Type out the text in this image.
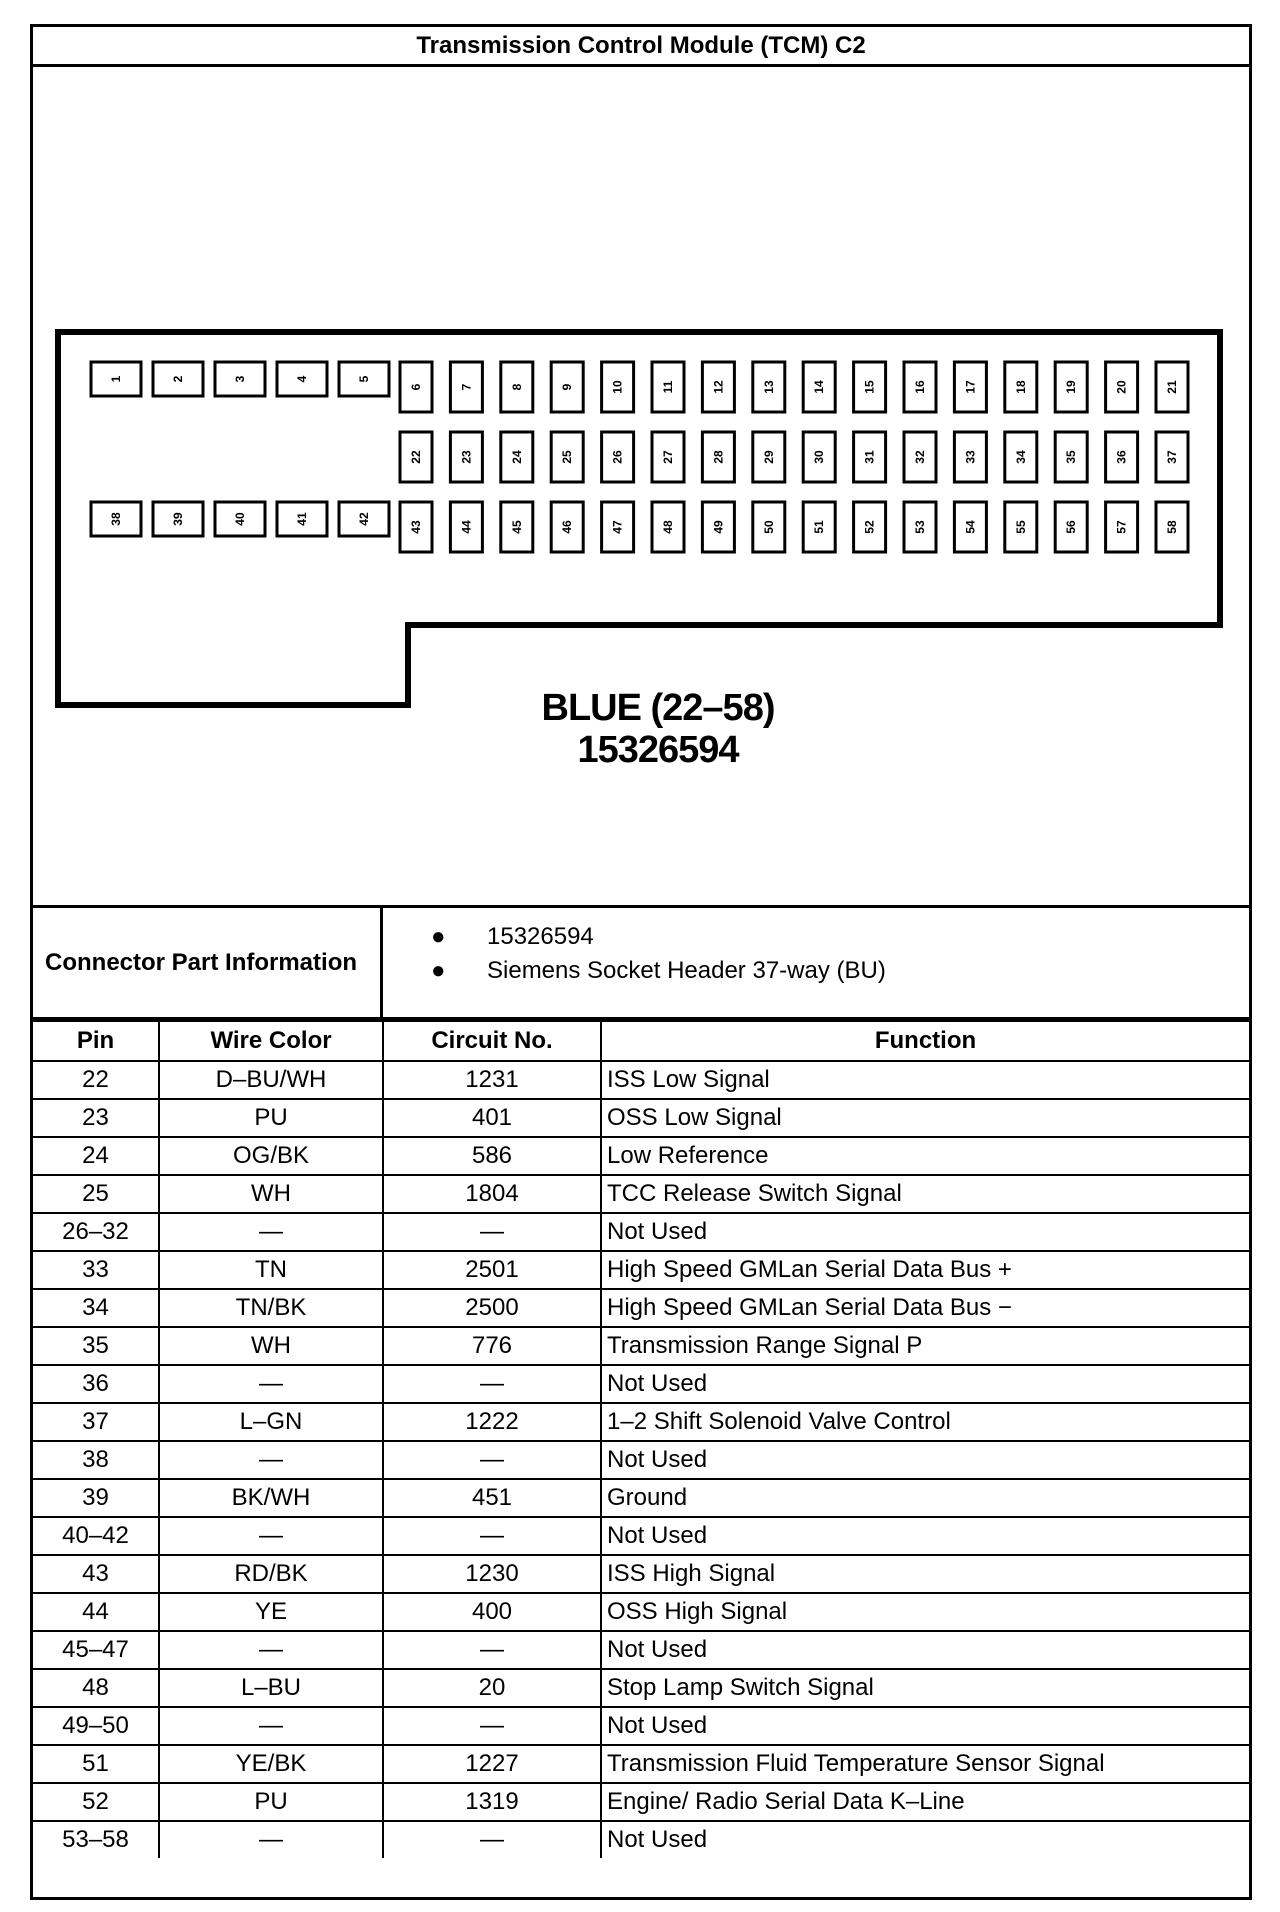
Transmission Control Module (TCM) C2
1	2	3	4	5
6	7	8	9	10	11	12	13	14	15	16	17	18	19	20	21
22	23	24	25	26	27	28	29	30	31	32	33	34	35	36	37
38	39	40	41	42
43	44	45	46	47	48	49	50	51	52	53	54	55	56	57	58
BLUE (22–58)
15326594
Connector Part Information
● 15326594
● Siemens Socket Header 37-way (BU)
Pin	Wire Color	Circuit No.	Function
22	D–BU/WH	1231	ISS Low Signal
23	PU	401	OSS Low Signal
24	OG/BK	586	Low Reference
25	WH	1804	TCC Release Switch Signal
26–32	—	—	Not Used
33	TN	2501	High Speed GMLan Serial Data Bus +
34	TN/BK	2500	High Speed GMLan Serial Data Bus −
35	WH	776	Transmission Range Signal P
36	—	—	Not Used
37	L–GN	1222	1–2 Shift Solenoid Valve Control
38	—	—	Not Used
39	BK/WH	451	Ground
40–42	—	—	Not Used
43	RD/BK	1230	ISS High Signal
44	YE	400	OSS High Signal
45–47	—	—	Not Used
48	L–BU	20	Stop Lamp Switch Signal
49–50	—	—	Not Used
51	YE/BK	1227	Transmission Fluid Temperature Sensor Signal
52	PU	1319	Engine/ Radio Serial Data K–Line
53–58	—	—	Not Used
